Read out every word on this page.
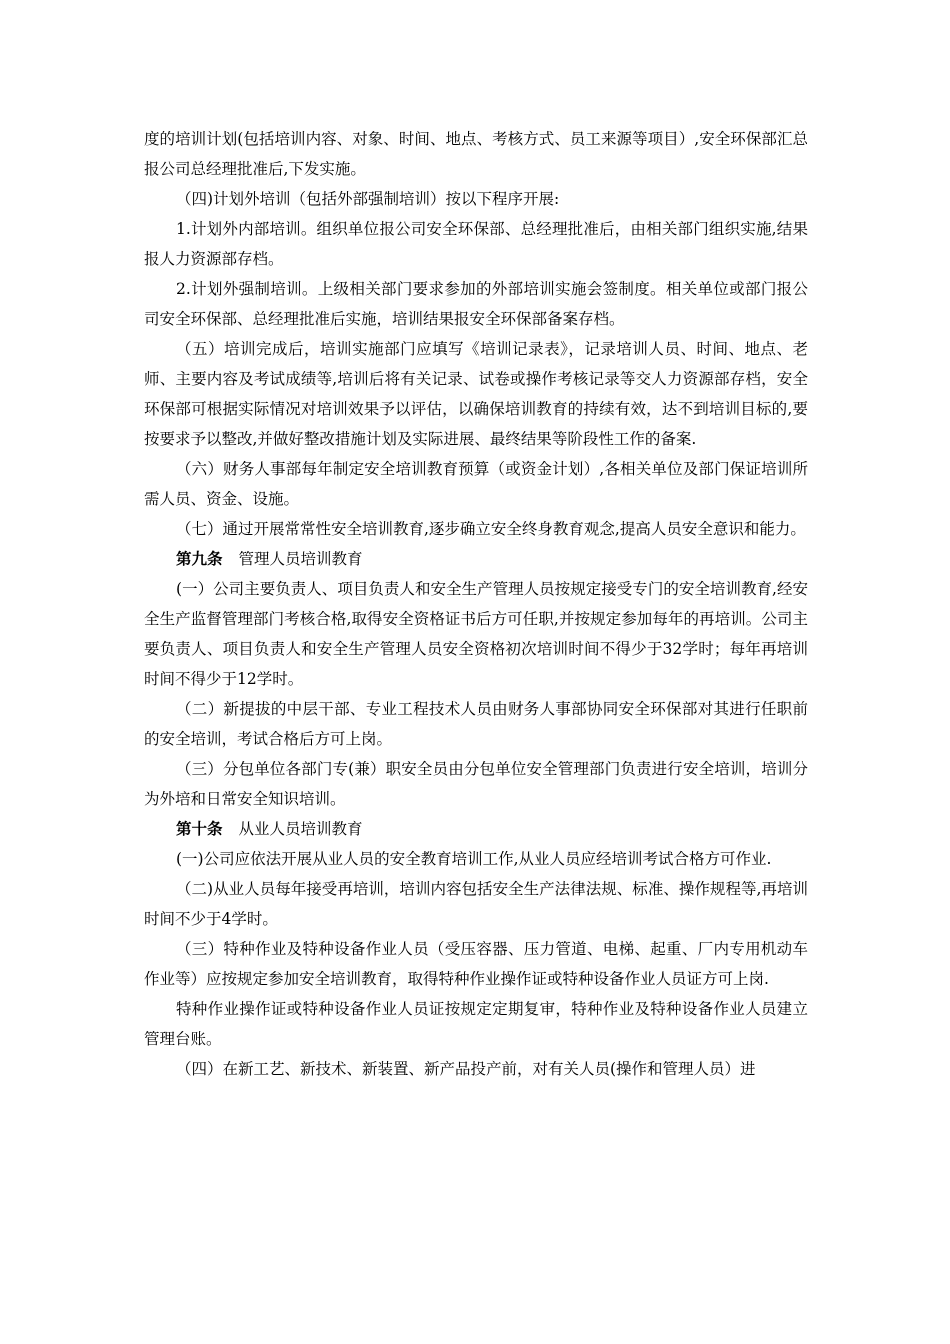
度的培训计划(包括培训内容、对象、时间、地点、考核方式、员工来源等项目）,安全环保部汇总报公司总经理批准后,下发实施。

（四)计划外培训（包括外部强制培训）按以下程序开展:

1.计划外内部培训。组织单位报公司安全环保部、总经理批准后，由相关部门组织实施,结果报人力资源部存档。

2.计划外强制培训。上级相关部门要求参加的外部培训实施会签制度。相关单位或部门报公司安全环保部、总经理批准后实施，培训结果报安全环保部备案存档。

（五）培训完成后，培训实施部门应填写《培训记录表》，记录培训人员、时间、地点、老师、主要内容及考试成绩等,培训后将有关记录、试卷或操作考核记录等交人力资源部存档，安全环保部可根据实际情况对培训效果予以评估，以确保培训教育的持续有效，达不到培训目标的,要按要求予以整改,并做好整改措施计划及实际进展、最终结果等阶段性工作的备案.

（六）财务人事部每年制定安全培训教育预算（或资金计划）,各相关单位及部门保证培训所需人员、资金、设施。

（七）通过开展常常性安全培训教育,逐步确立安全终身教育观念,提高人员安全意识和能力。

第九条 管理人员培训教育

(一）公司主要负责人、项目负责人和安全生产管理人员按规定接受专门的安全培训教育,经安全生产监督管理部门考核合格,取得安全资格证书后方可任职,并按规定参加每年的再培训。公司主要负责人、项目负责人和安全生产管理人员安全资格初次培训时间不得少于32学时；每年再培训时间不得少于12学时。

（二）新提拔的中层干部、专业工程技术人员由财务人事部协同安全环保部对其进行任职前的安全培训，考试合格后方可上岗。

（三）分包单位各部门专(兼）职安全员由分包单位安全管理部门负责进行安全培训，培训分为外培和日常安全知识培训。

第十条 从业人员培训教育

(一)公司应依法开展从业人员的安全教育培训工作,从业人员应经培训考试合格方可作业.

（二)从业人员每年接受再培训，培训内容包括安全生产法律法规、标准、操作规程等,再培训时间不少于4学时。

（三）特种作业及特种设备作业人员（受压容器、压力管道、电梯、起重、厂内专用机动车作业等）应按规定参加安全培训教育，取得特种作业操作证或特种设备作业人员证方可上岗.

特种作业操作证或特种设备作业人员证按规定定期复审，特种作业及特种设备作业人员建立管理台账。

（四）在新工艺、新技术、新装置、新产品投产前，对有关人员(操作和管理人员）进
